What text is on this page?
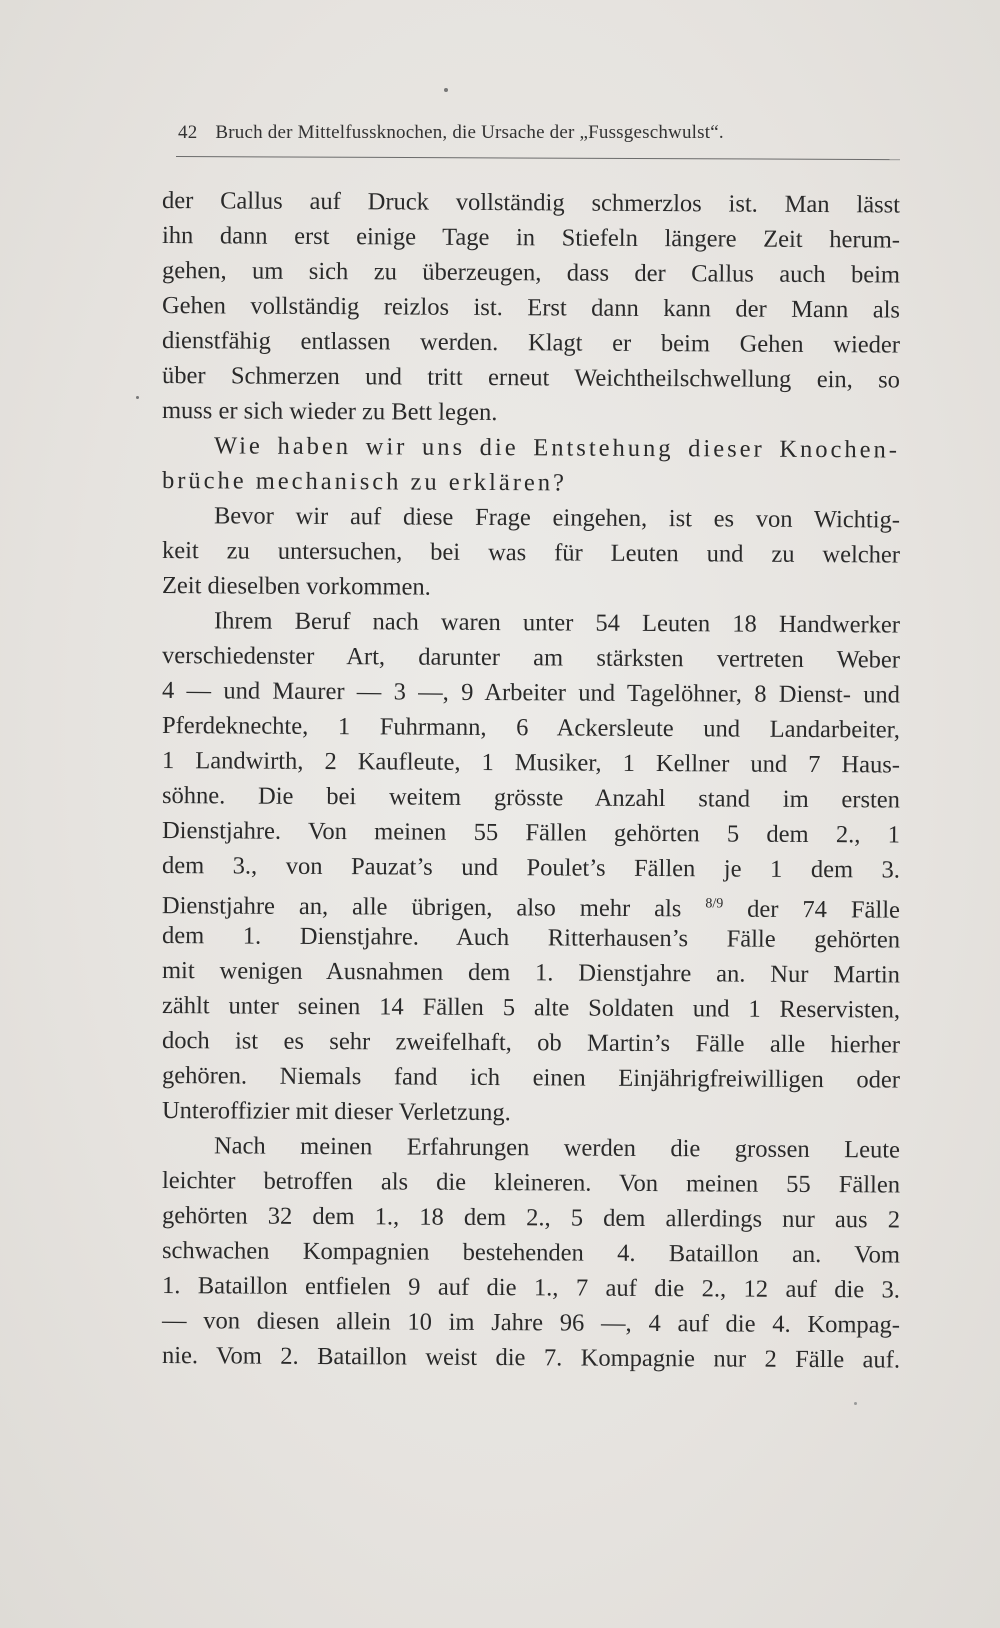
42 Bruch der Mittelfussknochen, die Ursache der „Fussgeschwulst“.
der Callus auf Druck vollständig schmerzlos ist. Man lässt
ihn dann erst einige Tage in Stiefeln längere Zeit herum-
gehen, um sich zu überzeugen, dass der Callus auch beim
Gehen vollständig reizlos ist. Erst dann kann der Mann als
dienstfähig entlassen werden. Klagt er beim Gehen wieder
über Schmerzen und tritt erneut Weichtheilschwellung ein, so
muss er sich wieder zu Bett legen.
Wie haben wir uns die Entstehung dieser Knochen-
brüche mechanisch zu erklären?
Bevor wir auf diese Frage eingehen, ist es von Wichtig-
keit zu untersuchen, bei was für Leuten und zu welcher
Zeit dieselben vorkommen.
Ihrem Beruf nach waren unter 54 Leuten 18 Handwerker
verschiedenster Art, darunter am stärksten vertreten Weber
4 — und Maurer — 3 —, 9 Arbeiter und Tagelöhner, 8 Dienst- und
Pferdeknechte, 1 Fuhrmann, 6 Ackersleute und Landarbeiter,
1 Landwirth, 2 Kaufleute, 1 Musiker, 1 Kellner und 7 Haus-
söhne. Die bei weitem grösste Anzahl stand im ersten
Dienstjahre. Von meinen 55 Fällen gehörten 5 dem 2., 1
dem 3., von Pauzat’s und Poulet’s Fällen je 1 dem 3.
Dienstjahre an, alle übrigen, also mehr als $^{8/9}$ der 74 Fälle
dem 1. Dienstjahre. Auch Ritterhausen’s Fälle gehörten
mit wenigen Ausnahmen dem 1. Dienstjahre an. Nur Martin
zählt unter seinen 14 Fällen 5 alte Soldaten und 1 Reservisten,
doch ist es sehr zweifelhaft, ob Martin’s Fälle alle hierher
gehören. Niemals fand ich einen Einjährigfreiwilligen oder
Unteroffizier mit dieser Verletzung.
Nach meinen Erfahrungen werden die grossen Leute
leichter betroffen als die kleineren. Von meinen 55 Fällen
gehörten 32 dem 1., 18 dem 2., 5 dem allerdings nur aus 2
schwachen Kompagnien bestehenden 4. Bataillon an. Vom
1. Bataillon entfielen 9 auf die 1., 7 auf die 2., 12 auf die 3.
— von diesen allein 10 im Jahre 96 —, 4 auf die 4. Kompag-
nie. Vom 2. Bataillon weist die 7. Kompagnie nur 2 Fälle auf.
